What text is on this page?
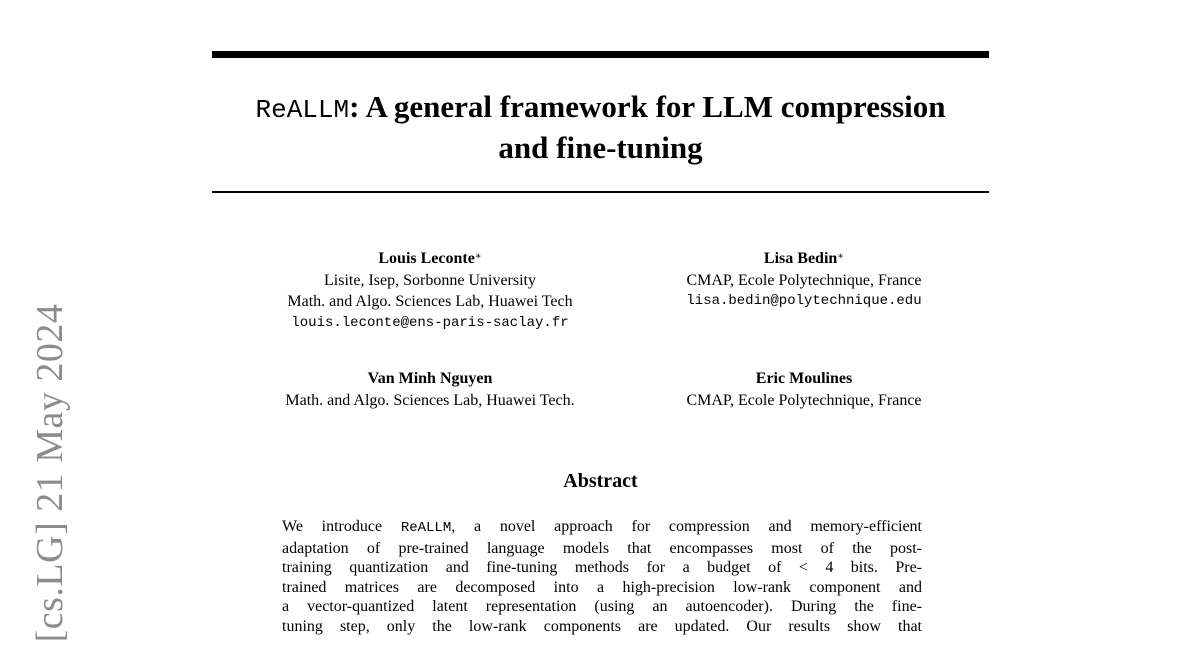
[cs.LG] 21 May 2024
ReALLM: A general framework for LLM compression
and fine-tuning
Louis Leconte∗
Lisite, Isep, Sorbonne University
Math. and Algo. Sciences Lab, Huawei Tech
louis.leconte@ens-paris-saclay.fr
Lisa Bedin∗
CMAP, Ecole Polytechnique, France
lisa.bedin@polytechnique.edu
Van Minh Nguyen
Math. and Algo. Sciences Lab, Huawei Tech.
Eric Moulines
CMAP, Ecole Polytechnique, France
Abstract
We introduce ReALLM, a novel approach for compression and memory-efficient
adaptation of pre-trained language models that encompasses most of the post-
training quantization and fine-tuning methods for a budget of < 4 bits. Pre-
trained matrices are decomposed into a high-precision low-rank component and
a vector-quantized latent representation (using an autoencoder). During the fine-
tuning step, only the low-rank components are updated. Our results show that
